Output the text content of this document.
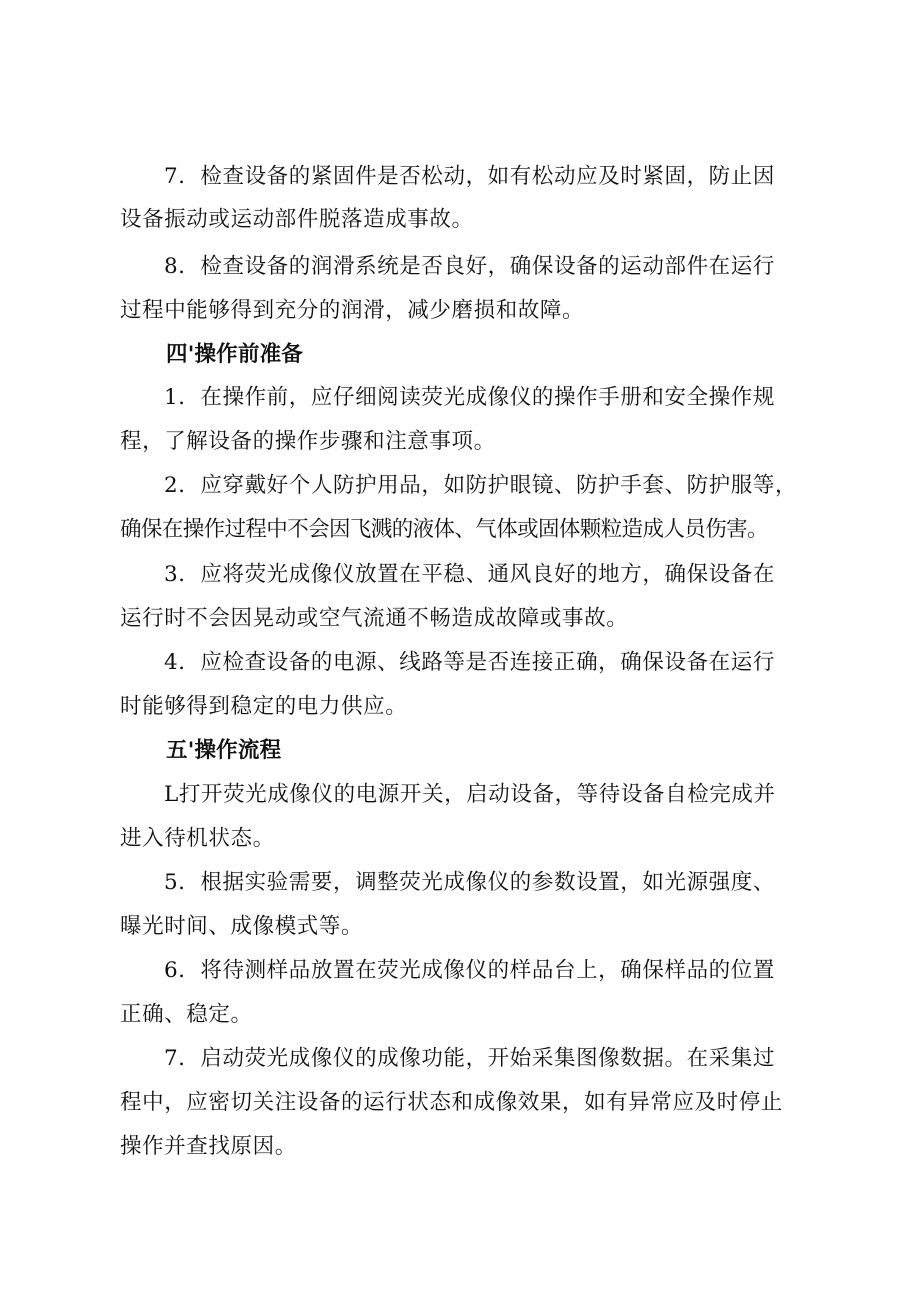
7．检查设备的紧固件是否松动，如有松动应及时紧固，防止因
设备振动或运动部件脱落造成事故。
8．检查设备的润滑系统是否良好，确保设备的运动部件在运行
过程中能够得到充分的润滑，减少磨损和故障。
四'操作前准备
1．在操作前，应仔细阅读荧光成像仪的操作手册和安全操作规
程，了解设备的操作步骤和注意事项。
2．应穿戴好个人防护用品，如防护眼镜、防护手套、防护服等，
确保在操作过程中不会因飞溅的液体、气体或固体颗粒造成人员伤害。
3．应将荧光成像仪放置在平稳、通风良好的地方，确保设备在
运行时不会因晃动或空气流通不畅造成故障或事故。
4．应检查设备的电源、线路等是否连接正确，确保设备在运行
时能够得到稳定的电力供应。
五'操作流程
L打开荧光成像仪的电源开关，启动设备，等待设备自检完成并
进入待机状态。
5．根据实验需要，调整荧光成像仪的参数设置，如光源强度、
曝光时间、成像模式等。
6．将待测样品放置在荧光成像仪的样品台上，确保样品的位置
正确、稳定。
7．启动荧光成像仪的成像功能，开始采集图像数据。在采集过
程中，应密切关注设备的运行状态和成像效果，如有异常应及时停止
操作并查找原因。
